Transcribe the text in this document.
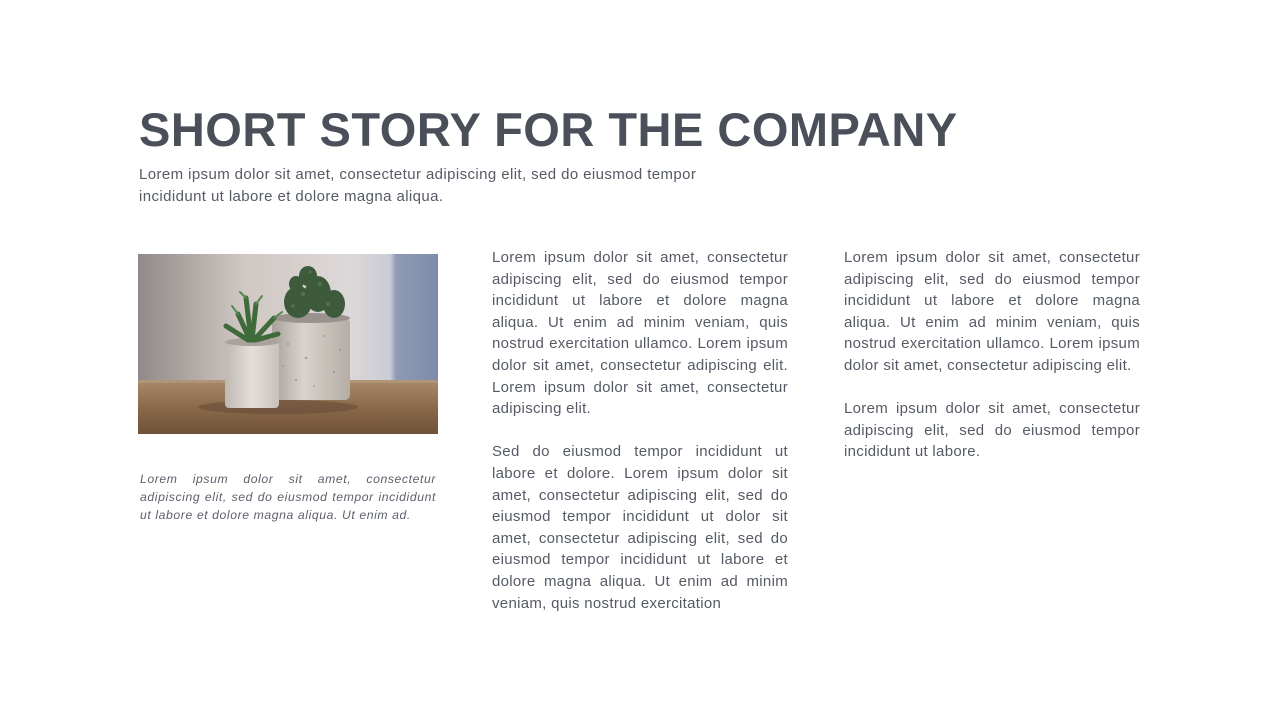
SHORT STORY FOR THE COMPANY

Lorem ipsum dolor sit amet, consectetur adipiscing elit, sed do eiusmod tempor incididunt ut labore et dolore magna aliqua.

Lorem ipsum dolor sit amet, consectetur adipiscing elit, sed do eiusmod tempor incididunt ut labore et dolore magna aliqua. Ut enim ad.

Lorem ipsum dolor sit amet, consectetur adipiscing elit, sed do eiusmod tempor incididunt ut labore et dolore magna aliqua. Ut enim ad minim veniam, quis nostrud exercitation ullamco. Lorem ipsum dolor sit amet, consectetur adipiscing elit. Lorem ipsum dolor sit amet, consectetur adipiscing elit.

Sed do eiusmod tempor incididunt ut labore et dolore. Lorem ipsum dolor sit amet, consectetur adipiscing elit, sed do eiusmod tempor incididunt ut dolor sit amet, consectetur adipiscing elit, sed do eiusmod tempor incididunt ut labore et dolore magna aliqua. Ut enim ad minim veniam, quis nostrud exercitation

Lorem ipsum dolor sit amet, consectetur adipiscing elit, sed do eiusmod tempor incididunt ut labore et dolore magna aliqua. Ut enim ad minim veniam, quis nostrud exercitation ullamco. Lorem ipsum dolor sit amet, consectetur adipiscing elit.

Lorem ipsum dolor sit amet, consectetur adipiscing elit, sed do eiusmod tempor incididunt ut labore.
